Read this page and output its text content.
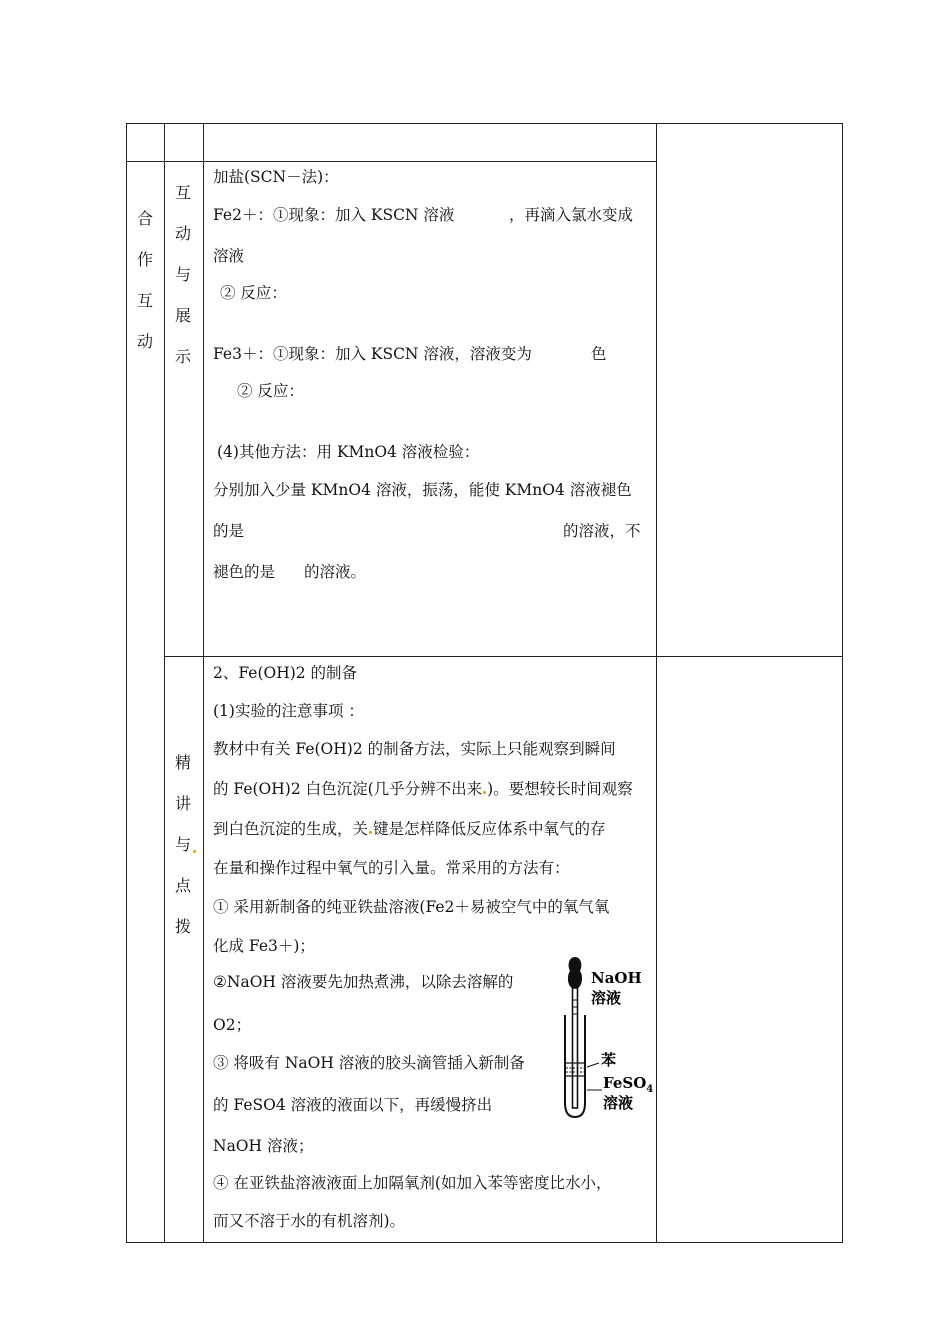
合作互动
互动与展示
精讲与点拨
加盐(SCN－法)：
Fe2＋：①现象：加入 KSCN 溶液	，再滴入氯水变成
溶液
② 反应：
Fe3＋：①现象：加入 KSCN 溶液，溶液变为	色
② 反应：
(4)其他方法：用 KMnO4 溶液检验：
分别加入少量 KMnO4 溶液，振荡，能使 KMnO4 溶液褪色
的是	的溶液，不
褪色的是 的溶液。
2、Fe(OH)2 的制备
(1)实验的注意事项 ：
教材中有关 Fe(OH)2 的制备方法，实际上只能观察到瞬间
的 Fe(OH)2 白色沉淀(几乎分辨不出来 )。要想较长时间观察
到白色沉淀的生成，关 键是怎样降低反应体系中氧气的存
在量和操作过程中氧气的引入量。常采用的方法有：
① 采用新制备的纯亚铁盐溶液(Fe2＋易被空气中的氧气氧
化成 Fe3＋)；
②NaOH 溶液要先加热煮沸，以除去溶解的
O2；
③ 将吸有 NaOH 溶液的胶头滴管插入新制备
的 FeSO4 溶液的液面以下，再缓慢挤出
NaOH 溶液；
④ 在亚铁盐溶液液面上加隔氧剂(如加入苯等密度比水小，
而又不溶于水的有机溶剂)。
NaOH
溶液
苯
FeSO$_4$
溶液
